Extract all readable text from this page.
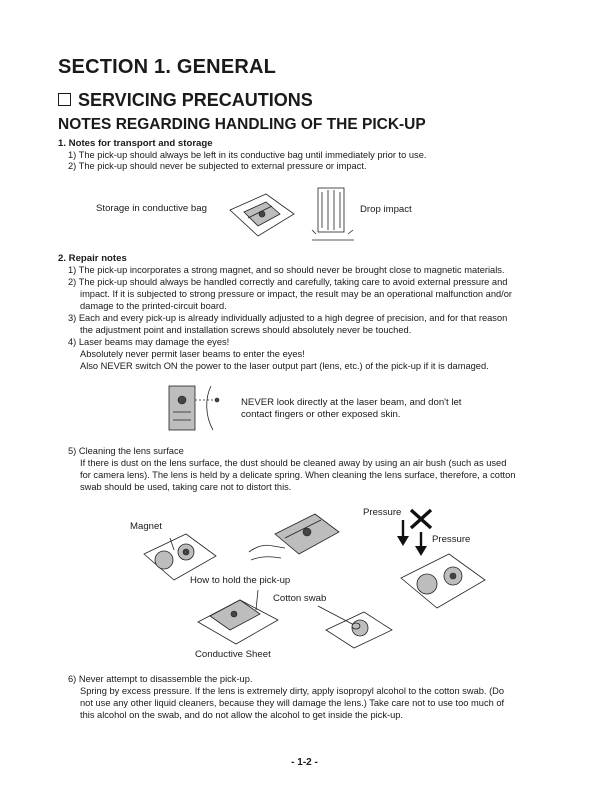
SECTION 1. GENERAL
SERVICING PRECAUTIONS
NOTES REGARDING HANDLING OF THE PICK-UP
1. Notes for transport and storage
1) The pick-up should always be left in its conductive bag until immediately prior to use.
2) The pick-up should never be subjected to external pressure or impact.
Storage in conductive bag	Drop impact
2. Repair notes
1) The pick-up incorporates a strong magnet, and so should never be brought close to magnetic materials.
2) The pick-up should always be handled correctly and carefully, taking care to avoid external pressure and
impact. If it is subjected to strong pressure or impact, the result may be an operational malfunction and/or
damage to the printed-circuit board.
3) Each and every pick-up is already individually adjusted to a high degree of precision, and for that reason
the adjustment point and installation screws should absolutely never be touched.
4) Laser beams may damage the eyes!
Absolutely never permit laser beams to enter the eyes!
Also NEVER switch ON the power to the laser output part (lens, etc.) of the pick-up if it is damaged.
NEVER look directly at the laser beam, and don't let
contact fingers or other exposed skin.
5) Cleaning the lens surface
If there is dust on the lens surface, the dust should be cleaned away by using an air bush (such as used
for camera lens). The lens is held by a delicate spring. When cleaning the lens surface, therefore, a cotton
swab should be used, taking care not to distort this.
Magnet
Pressure
Pressure
How to hold the pick-up
Cotton swab
Conductive Sheet
6) Never attempt to disassemble the pick-up.
Spring by excess pressure. If the lens is extremely dirty, apply isopropyl alcohol to the cotton swab. (Do
not use any other liquid cleaners, because they will damage the lens.) Take care not to use too much of
this alcohol on the swab, and do not allow the alcohol to get inside the pick-up.
- 1-2 -
